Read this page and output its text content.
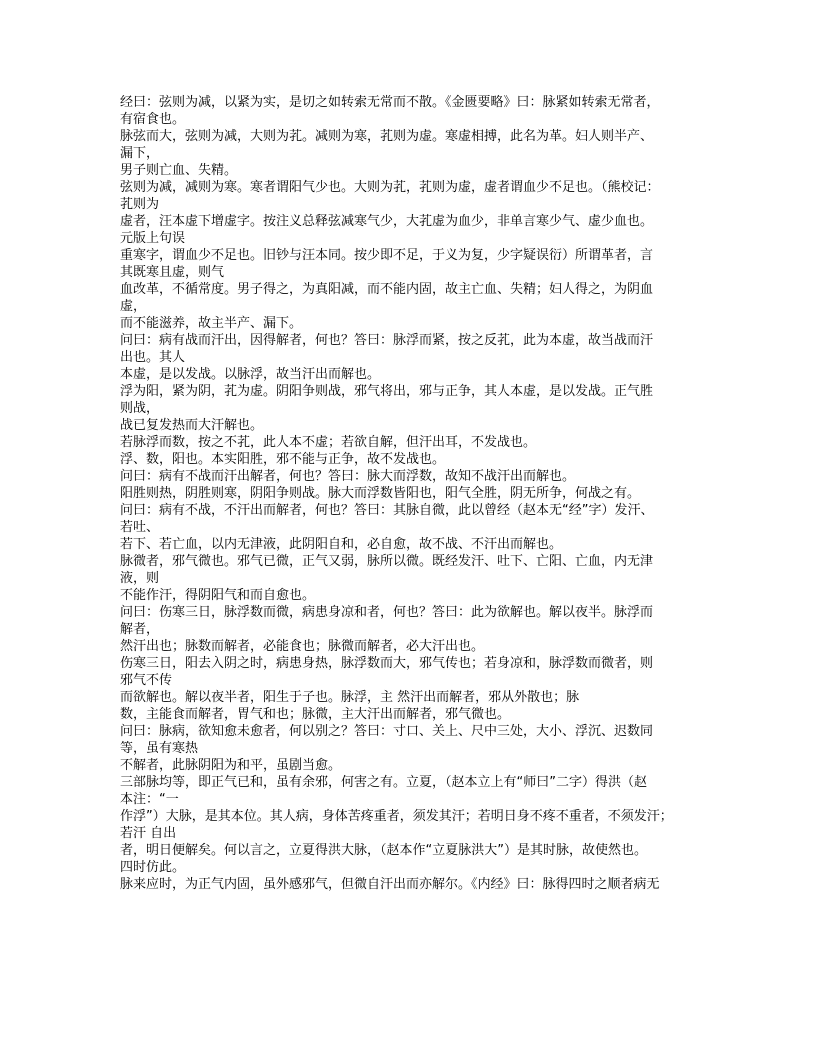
经曰：弦则为减，以紧为实，是切之如转索无常而不散。《金匮要略》曰：脉紧如转索无常者，
有宿食也。
脉弦而大，弦则为减，大则为芤。减则为寒，芤则为虚。寒虚相搏，此名为革。妇人则半产、
漏下，
男子则亡血、失精。
弦则为减，减则为寒。寒者谓阳气少也。大则为芤，芤则为虚，虚者谓血少不足也。（熊校记：
芤则为
虚者，汪本虚下增虚字。按注义总释弦减寒气少，大芤虚为血少，非单言寒少气、虚少血也。
元版上句误
重寒字，谓血少不足也。旧钞与汪本同。按少即不足，于义为复，少字疑误衍）所谓革者，言
其既寒且虚，则气
血改革，不循常度。男子得之，为真阳减，而不能内固，故主亡血、失精；妇人得之，为阴血
虚，
而不能滋养，故主半产、漏下。
问曰：病有战而汗出，因得解者，何也？答曰：脉浮而紧，按之反芤，此为本虚，故当战而汗
出也。其人
本虚，是以发战。以脉浮，故当汗出而解也。
浮为阳，紧为阴，芤为虚。阴阳争则战，邪气将出，邪与正争，其人本虚，是以发战。正气胜
则战，
战已复发热而大汗解也。
若脉浮而数，按之不芤，此人本不虚；若欲自解，但汗出耳，不发战也。
浮、数，阳也。本实阳胜，邪不能与正争，故不发战也。
问曰：病有不战而汗出解者，何也？答曰：脉大而浮数，故知不战汗出而解也。
阳胜则热，阴胜则寒，阴阳争则战。脉大而浮数皆阳也，阳气全胜，阴无所争，何战之有。
问曰：病有不战，不汗出而解者，何也？答曰：其脉自微，此以曾经（赵本无“经”字）发汗、
若吐、
若下、若亡血，以内无津液，此阴阳自和，必自愈，故不战、不汗出而解也。
脉微者，邪气微也。邪气已微，正气又弱，脉所以微。既经发汗、吐下、亡阳、亡血，内无津
液，则
不能作汗，得阴阳气和而自愈也。
问曰：伤寒三日，脉浮数而微，病患身凉和者，何也？答曰：此为欲解也。解以夜半。脉浮而
解者，
然汗出也；脉数而解者，必能食也；脉微而解者，必大汗出也。
伤寒三日，阳去入阴之时，病患身热，脉浮数而大，邪气传也；若身凉和，脉浮数而微者，则
邪气不传
而欲解也。解以夜半者，阳生于子也。脉浮，主 然汗出而解者，邪从外散也；脉
数，主能食而解者，胃气和也；脉微，主大汗出而解者，邪气微也。
问曰：脉病，欲知愈未愈者，何以别之？答曰：寸口、关上、尺中三处，大小、浮沉、迟数同
等，虽有寒热
不解者，此脉阴阳为和平，虽剧当愈。
三部脉均等，即正气已和，虽有余邪，何害之有。立夏，（赵本立上有“师曰”二字）得洪（赵
本注：“一
作浮”）大脉，是其本位。其人病，身体苦疼重者，须发其汗；若明日身不疼不重者，不须发汗；
若汗 自出
者，明日便解矣。何以言之，立夏得洪大脉，（赵本作“立夏脉洪大”）是其时脉，故使然也。
四时仿此。
脉来应时，为正气内固，虽外感邪气，但微自汗出而亦解尔。《内经》曰：脉得四时之顺者病无
